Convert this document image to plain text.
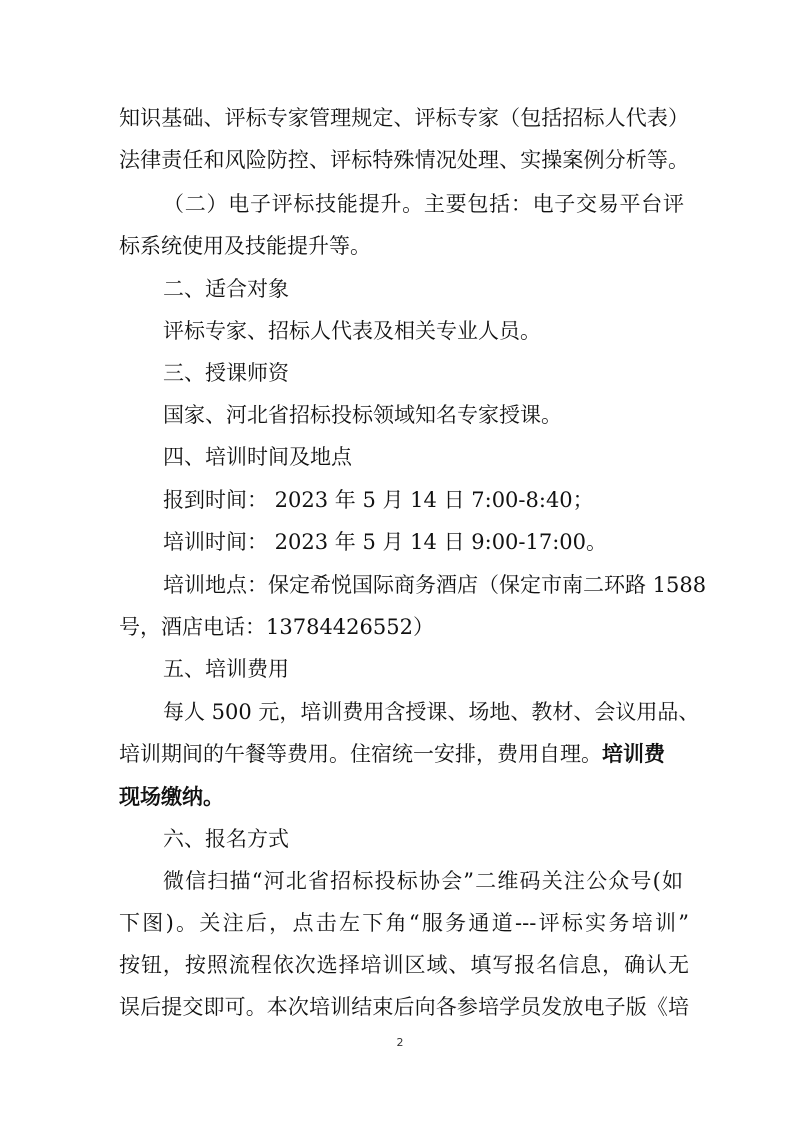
知识基础、评标专家管理规定、评标专家（包括招标人代表）
法律责任和风险防控、评标特殊情况处理、实操案例分析等。
（二）电子评标技能提升。主要包括：电子交易平台评
标系统使用及技能提升等。
二、适合对象
评标专家、招标人代表及相关专业人员。
三、授课师资
国家、河北省招标投标领域知名专家授课。
四、培训时间及地点
报到时间： 2023 年 5 月 14 日 7:00-8:40；
培训时间： 2023 年 5 月 14 日 9:00-17:00。
培训地点：保定希悦国际商务酒店（保定市南二环路 1588
号，酒店电话：13784426552）
五、培训费用
每人 500 元，培训费用含授课、场地、教材、会议用品、
培训期间的午餐等费用。住宿统一安排，费用自理。培训费
现场缴纳。
六、报名方式
微信扫描“河北省招标投标协会”二维码关注公众号(如
下图)。关注后，点击左下角“服务通道---评标实务培训”
按钮，按照流程依次选择培训区域、填写报名信息，确认无
误后提交即可。本次培训结束后向各参培学员发放电子版《培
2
